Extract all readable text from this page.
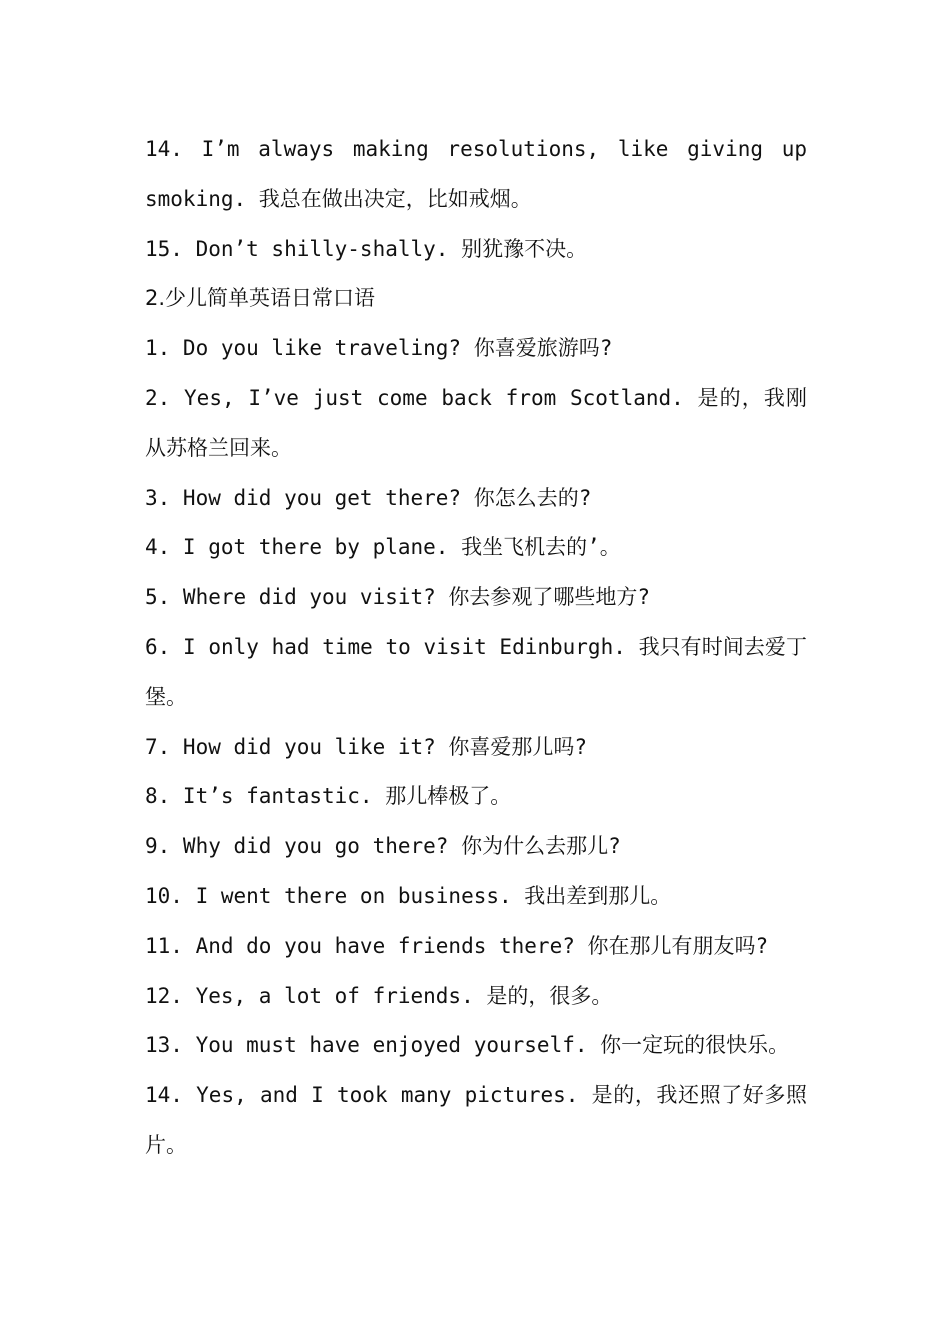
14. I’m always making resolutions, like giving up smoking. 我总在做出决定，比如戒烟。

15. Don’t shilly-shally. 别犹豫不决。

2.少儿简单英语日常口语

1. Do you like traveling? 你喜爱旅游吗?

2. Yes, I’ve just come back from Scotland. 是的，我刚从苏格兰回来。

3. How did you get there? 你怎么去的?

4. I got there by plane. 我坐飞机去的’。

5. Where did you visit? 你去参观了哪些地方?

6. I only had time to visit Edinburgh. 我只有时间去爱丁堡。

7. How did you like it? 你喜爱那儿吗?

8. It’s fantastic. 那儿棒极了。

9. Why did you go there? 你为什么去那儿?

10. I went there on business. 我出差到那儿。

11. And do you have friends there? 你在那儿有朋友吗?

12. Yes, a lot of friends. 是的，很多。

13. You must have enjoyed yourself. 你一定玩的很快乐。

14. Yes, and I took many pictures. 是的，我还照了好多照片。
